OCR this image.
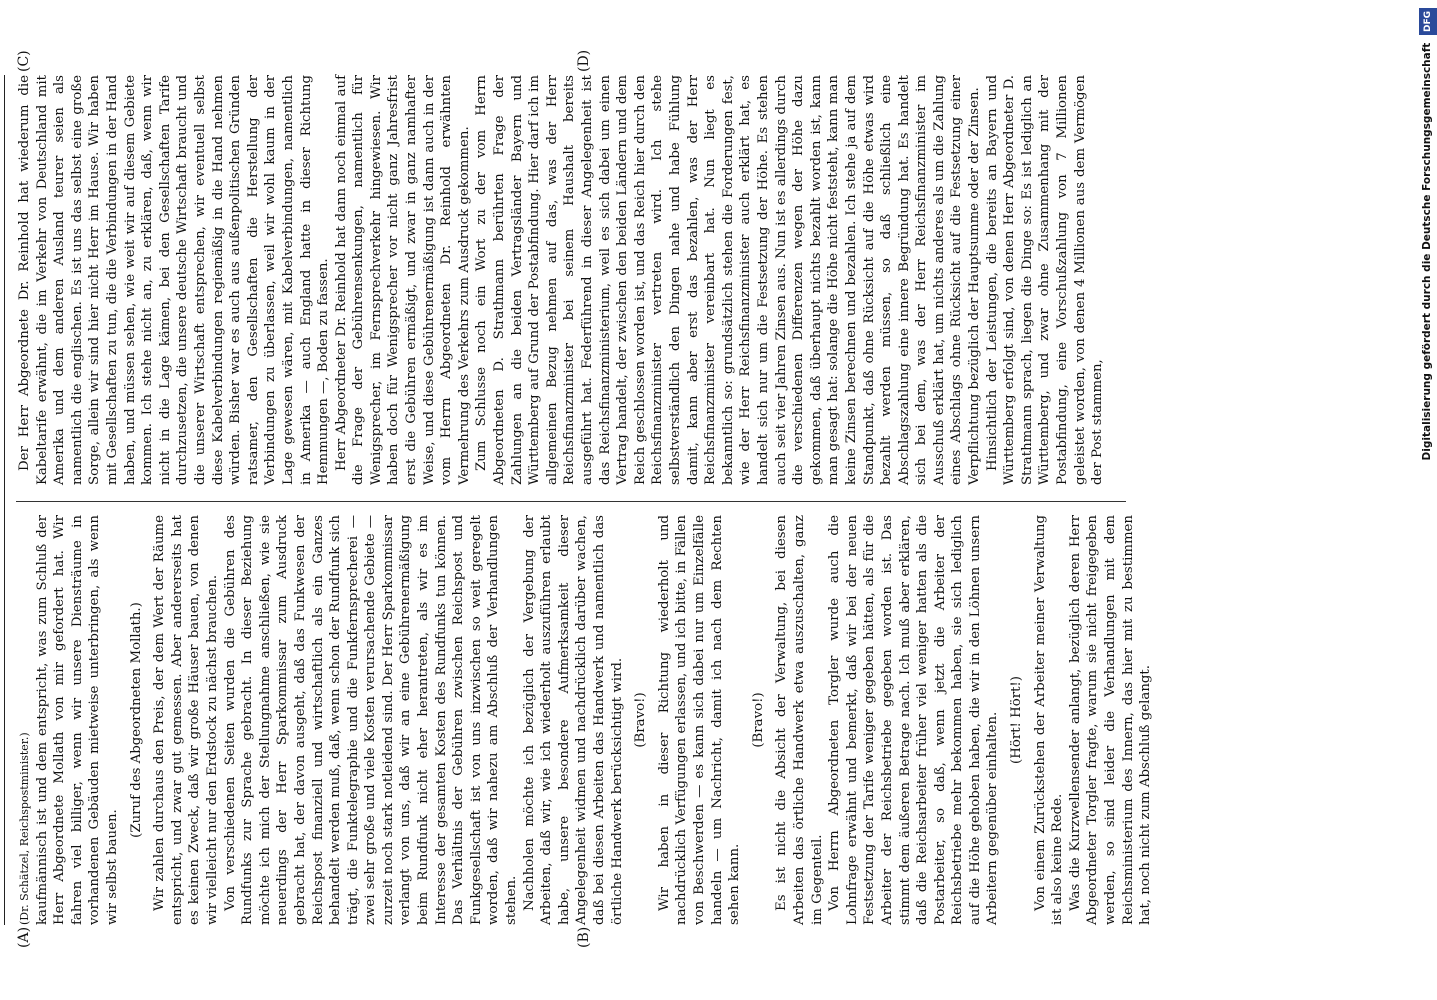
(A)	(B)
(C)	(D)

(Dr. Schätzel, Reichspostminister.) kaufmännisch ist und dem entspricht, was zum Schluß der Herr Abgeordnete Mollath von mir gefordert hat. Wir fahren viel billiger, wenn wir unsere Diensträume in vorhandenen Gebäuden mietweise unterbringen, als wenn wir selbst bauen.

(Zuruf des Abgeordneten Mollath.) Wir zahlen durchaus den Preis, der dem Wert der Räume entspricht, und zwar gut gemessen. Aber andererseits hat es keinen Zweck, daß wir große Häuser bauen, von denen wir vielleicht nur den Erdstock zu nächst brauchen. Von verschiedenen Seiten wurden die Gebühren des Rundfunks zur Sprache gebracht. In dieser Beziehung möchte ich mich der Stellungnahme anschließen, wie sie neuerdings der Herr Sparkommissar zum Ausdruck gebracht hat, der davon ausgeht, daß das Funkwesen der Reichspost finanziell und wirtschaftlich als ein Ganzes behandelt werden muß, daß, wenn schon der Rundfunk sich trägt, die Funktelegraphie und die Funkfernsprecherei — zwei sehr große und viele Kosten verursachende Gebiete — zurzeit noch stark notleidend sind. Der Herr Sparkommissar verlangt von uns, daß wir an eine Gebührenermäßigung beim Rundfunk nicht eher herantreten, als wir es im Interesse der gesamten Kosten des Rundfunks tun können. Das Verhältnis der Gebühren zwischen Reichspost und Funkgesellschaft ist von uns inzwischen so weit geregelt worden, daß wir nahezu am Abschluß der Verhandlungen stehen. Nachholen möchte ich bezüglich der Vergebung der Arbeiten, daß wir, wie ich wiederholt auszuführen erlaubt habe, unsere besondere Aufmerksamkeit dieser Angelegenheit widmen und nachdrücklich darüber wachen, daß bei diesen Arbeiten das Handwerk und namentlich das örtliche Handwerk berücksichtigt wird. (Bravo!) Wir haben in dieser Richtung wiederholt und nachdrücklich Verfügungen erlassen, und ich bitte, in Fällen von Beschwerden — es kann sich dabei nur um Einzelfälle handeln — um Nachricht, damit ich nach dem Rechten sehen kann.

(Bravo!) Es ist nicht die Absicht der Verwaltung, bei diesen Arbeiten das örtliche Handwerk etwa auszuschalten, ganz im Gegenteil. Von Herrn Abgeordneten Torgler wurde auch die Lohnfrage erwähnt und bemerkt, daß wir bei der neuen Festsetzung der Tarife weniger gegeben hätten, als für die Arbeiter der Reichsbetriebe gegeben worden ist. Das stimmt dem äußeren Betrage nach. Ich muß aber erklären, daß die Reichsarbeiter früher viel weniger hatten als die Postarbeiter, so daß, wenn jetzt die Arbeiter der Reichsbetriebe mehr bekommen haben, sie sich lediglich auf die Höhe gehoben haben, die wir in den Löhnen unsern Arbeitern gegenüber einhalten. (Hört! Hört!) Von einem Zurückstehen der Arbeiter meiner Verwaltung ist also keine Rede. Was die Kurzwellensender anlangt, bezüglich deren Herr Abgeordneter Torgler fragte, warum sie nicht freigegeben werden, so sind leider die Verhandlungen mit dem Reichsministerium des Innern, das hier mit zu bestimmen hat, noch nicht zum Abschluß gelangt.

Der Herr Abgeordnete Dr. Reinhold hat wiederum die Kabeltarife erwähnt, die im Verkehr von Deutschland mit Amerika und dem anderen Ausland teurer seien als namentlich die englischen. Es ist uns das selbst eine große Sorge, allein wir sind hier nicht Herr im Hause. Wir haben mit Gesellschaften zu tun, die die Verbindungen in der Hand haben, und müssen sehen, wie weit wir auf diesem Gebiete kommen. Ich stehe nicht an, zu erklären, daß, wenn wir nicht in die Lage kämen, bei den Gesellschaften Tarife durchzusetzen, die unsere deutsche Wirtschaft braucht und die unserer Wirtschaft entsprechen, wir eventuell selbst diese Kabelverbindungen regiemäßig in die Hand nehmen würden. Bisher war es auch aus außenpolitischen Gründen ratsamer, den Gesellschaften die Herstellung der Verbindungen zu überlassen, weil wir wohl kaum in der Lage gewesen wären, mit Kabelverbindungen, namentlich in Amerika — auch England hatte in dieser Richtung Hemmungen —, Boden zu fassen. Herr Abgeordneter Dr. Reinhold hat dann noch einmal auf die Frage der Gebührensenkungen, namentlich für Wenigsprecher, im Fernsprechverkehr hingewiesen. Wir haben doch für Wenigsprecher vor nicht ganz Jahresfrist erst die Gebühren ermäßigt, und zwar in ganz namhafter Weise, und diese Gebührenermäßigung ist dann auch in der vom Herrn Abgeordneten Dr. Reinhold erwähnten Vermehrung des Verkehrs zum Ausdruck gekommen. Zum Schlusse noch ein Wort zu der vom Herrn Abgeordneten D. Strathmann berührten Frage der Zahlungen an die beiden Vertragsländer Bayern und Württemberg auf Grund der Postabfindung. Hier darf ich im allgemeinen Bezug nehmen auf das, was der Herr Reichsfinanzminister bei seinem Haushalt bereits ausgeführt hat. Federführend in dieser Angelegenheit ist das Reichsfinanzministerium, weil es sich dabei um einen Vertrag handelt, der zwischen den beiden Ländern und dem Reich geschlossen worden ist, und das Reich hier durch den Reichsfinanzminister vertreten wird. Ich stehe selbstverständlich den Dingen nahe und habe Fühlung damit, kann aber erst das bezahlen, was der Herr Reichsfinanzminister vereinbart hat. Nun liegt es bekanntlich so: grundsätzlich stehen die Forderungen fest, wie der Herr Reichsfinanzminister auch erklärt hat, es handelt sich nur um die Festsetzung der Höhe. Es stehen auch seit vier Jahren Zinsen aus. Nun ist es allerdings durch die verschiedenen Differenzen wegen der Höhe dazu gekommen, daß überhaupt nichts bezahlt worden ist, kann man gesagt hat: solange die Höhe nicht feststeht, kann man keine Zinsen berechnen und bezahlen. Ich stehe ja auf dem Standpunkt, daß ohne Rücksicht auf die Höhe etwas wird bezahlt werden müssen, so daß schließlich eine Abschlagszahlung eine innere Begründung hat. Es handelt sich bei dem, was der Herr Reichsfinanzminister im Ausschuß erklärt hat, um nichts anderes als um die Zahlung eines Abschlags ohne Rücksicht auf die Festsetzung einer Verpflichtung bezüglich der Hauptsumme oder der Zinsen. Hinsichtlich der Leistungen, die bereits an Bayern und Württemberg erfolgt sind, von denen Herr Abgeordneter D. Strathmann sprach, liegen die Dinge so: Es ist lediglich an Württemberg, und zwar ohne Zusammenhang mit der Postabfindung, eine Vorschußzahlung von 7 Millionen geleistet worden, von denen 4 Millionen aus dem Vermögen der Post stammen,	Digitalisierung gefördert durch die Deutsche Forschungsgemeinschaft DFG
